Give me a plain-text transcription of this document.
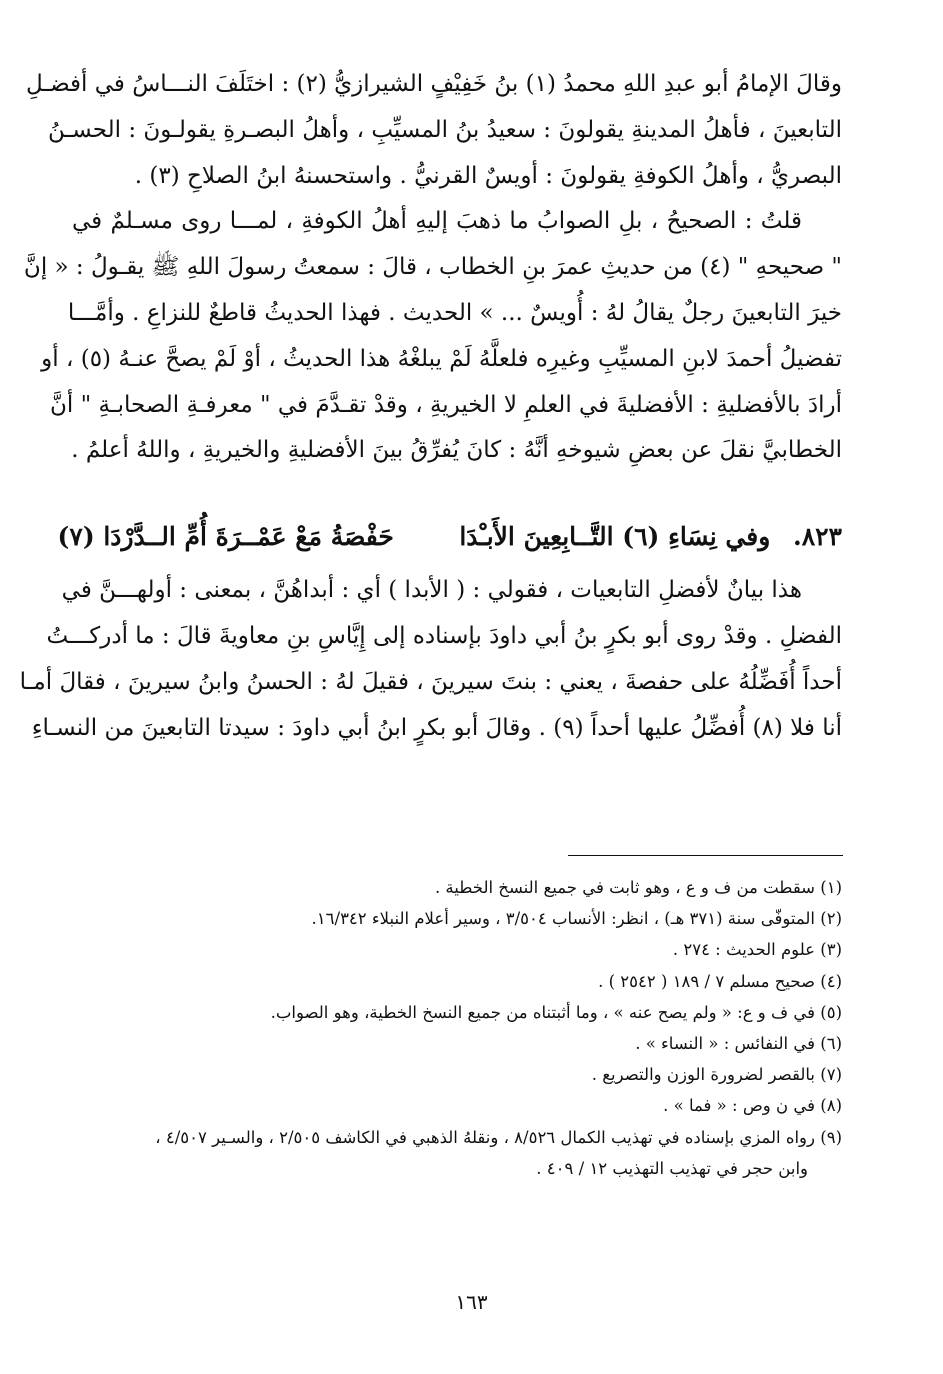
وقالَ الإمامُ أبو عبدِ اللهِ محمدُ (١) بنُ خَفِيْفٍ الشيرازيُّ (٢) : اختَلَفَ النـــاسُ في أفضـلِ
التابعينَ ، فأهلُ المدينةِ يقولونَ : سعيدُ بنُ المسيِّبِ ، وأهلُ البصـرةِ يقولـونَ : الحسـنُ
البصريُّ ، وأهلُ الكوفةِ يقولونَ : أويسٌ القرنيُّ . واستحسنهُ ابنُ الصلاحِ (٣) .

قلتُ : الصحيحُ ، بلِ الصوابُ ما ذهبَ إليهِ أهلُ الكوفةِ ، لمـــا روى مسـلمٌ في
" صحيحهِ " (٤) من حديثِ عمرَ بنِ الخطاب ، قالَ : سمعتُ رسولَ اللهِ ﷺ يقـولُ : « إنَّ
خيرَ التابعينَ رجلٌ يقالُ لهُ : أُويسٌ ... » الحديث . فهذا الحديثُ قاطعٌ للنزاعِ . وأمَّـــا
تفضيلُ أحمدَ لابنِ المسيِّبِ وغيرِه فلعلَّهُ لَمْ يبلغْهُ هذا الحديثُ ، أوْ لَمْ يصحَّ عنـهُ (٥) ، أو
أرادَ بالأفضليةِ : الأفضليةَ في العلمِ لا الخيريةِ ، وقدْ تقـدَّمَ في " معرفـةِ الصحابـةِ " أنَّ
الخطابيَّ نقلَ عن بعضِ شيوخهِ أنَّهُ : كانَ يُفرِّقُ بينَ الأفضليةِ والخيريةِ ، واللهُ أعلمُ .

٨٢٣. وفي نِسَاءِ (٦) التَّــابِعِينَ الأَبـْدَا  حَفْصَةُ مَعْ عَمْــرَةَ أُمِّ الــدَّرْدَا (٧)

هذا بيانٌ لأفضلِ التابعيات ، فقولي : ( الأبدا ) أي : أبداهُنَّ ، بمعنى : أولهـــنَّ في
الفضلِ . وقدْ روى أبو بكرٍ بنُ أبي داودَ بإسناده إلى إِيَّاسِ بنِ معاويةَ قالَ : ما أدركـــتُ
أحداً أُفَضِّلُهُ على حفصةَ ، يعني : بنتَ سيرينَ ، فقيلَ لهُ : الحسنُ وابنُ سيرينَ ، فقالَ أمـا
أنا فلا (٨) أُفضِّلُ عليها أحداً (٩) . وقالَ أبو بكرٍ ابنُ أبي داودَ : سيدتا التابعينَ من النسـاءِ

(١) سقطت من ف و ع ، وهو ثابت في جميع النسخ الخطية .
(٢) المتوفّى سنة (٣٧١ هـ) ، انظر: الأنساب ٣/٥٠٤ ، وسير أعلام النبلاء ١٦/٣٤٢.
(٣) علوم الحديث : ٢٧٤ .
(٤) صحيح مسلم ٧ / ١٨٩ ( ٢٥٤٢ ) .
(٥) في ف و ع: « ولم يصح عنه » ، وما أثبتناه من جميع النسخ الخطية، وهو الصواب.
(٦) في النفائس : « النساء » .
(٧) بالقصر لضرورة الوزن والتصريع .
(٨) في ن وص : « فما » .
(٩) رواه المزي بإسناده في تهذيب الكمال ٨/٥٢٦ ، ونقلهُ الذهبي في الكاشف ٢/٥٠٥ ، والسـير ٤/٥٠٧ ،
وابن حجر في تهذيب التهذيب ١٢ / ٤٠٩ .
١٦٣
